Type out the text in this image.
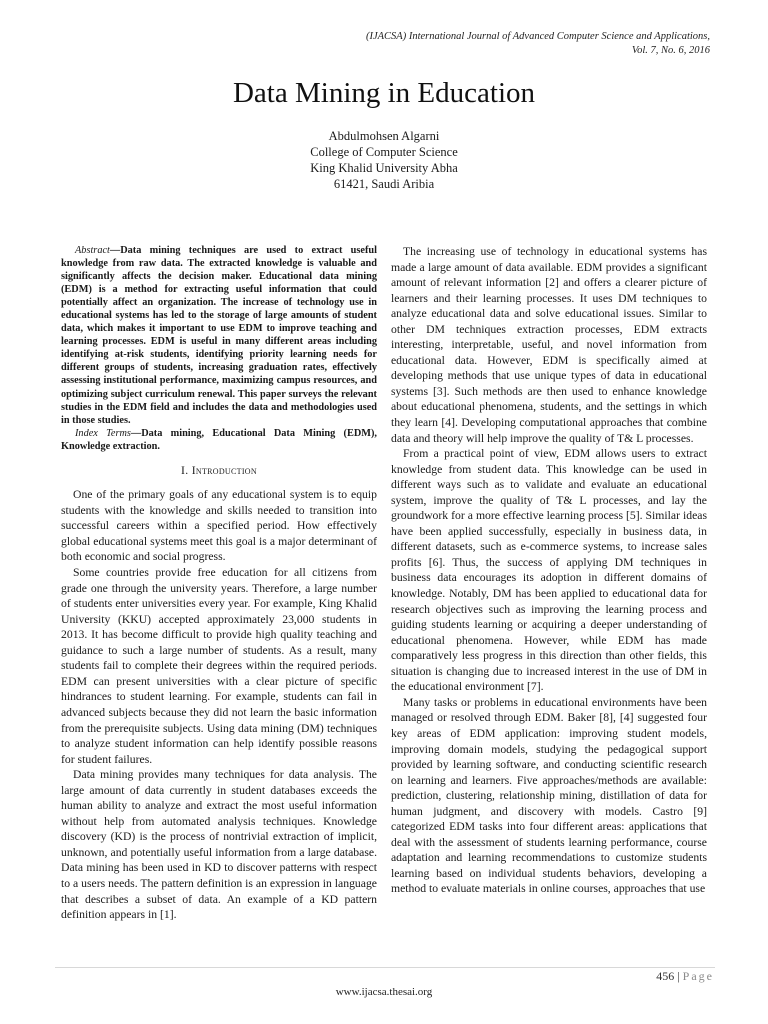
(IJACSA) International Journal of Advanced Computer Science and Applications,
Vol. 7, No. 6, 2016
Data Mining in Education
Abdulmohsen Algarni
College of Computer Science
King Khalid University Abha
61421, Saudi Aribia

Abstract—Data mining techniques are used to extract useful knowledge from raw data. The extracted knowledge is valuable and significantly affects the decision maker. Educational data mining (EDM) is a method for extracting useful information that could potentially affect an organization. The increase of technology use in educational systems has led to the storage of large amounts of student data, which makes it important to use EDM to improve teaching and learning processes. EDM is useful in many different areas including identifying at-risk students, identifying priority learning needs for different groups of students, increasing graduation rates, effectively assessing institutional performance, maximizing campus resources, and optimizing subject curriculum renewal. This paper surveys the relevant studies in the EDM field and includes the data and methodologies used in those studies.

Index Terms—Data mining, Educational Data Mining (EDM), Knowledge extraction.

I. Introduction

One of the primary goals of any educational system is to equip students with the knowledge and skills needed to transition into successful careers within a specified period. How effectively global educational systems meet this goal is a major determinant of both economic and social progress.

Some countries provide free education for all citizens from grade one through the university years. Therefore, a large number of students enter universities every year. For example, King Khalid University (KKU) accepted approximately 23,000 students in 2013. It has become difficult to provide high quality teaching and guidance to such a large number of students. As a result, many students fail to complete their degrees within the required periods. EDM can present universities with a clear picture of specific hindrances to student learning. For example, students can fail in advanced subjects because they did not learn the basic information from the prerequisite subjects. Using data mining (DM) techniques to analyze student information can help identify possible reasons for student failures.

Data mining provides many techniques for data analysis. The large amount of data currently in student databases exceeds the human ability to analyze and extract the most useful information without help from automated analysis techniques. Knowledge discovery (KD) is the process of nontrivial extraction of implicit, unknown, and potentially useful information from a large database. Data mining has been used in KD to discover patterns with respect to a users needs. The pattern definition is an expression in language that describes a subset of data. An example of a KD pattern definition appears in [1].

The increasing use of technology in educational systems has made a large amount of data available. EDM provides a significant amount of relevant information [2] and offers a clearer picture of learners and their learning processes. It uses DM techniques to analyze educational data and solve educational issues. Similar to other DM techniques extraction processes, EDM extracts interesting, interpretable, useful, and novel information from educational data. However, EDM is specifically aimed at developing methods that use unique types of data in educational systems [3]. Such methods are then used to enhance knowledge about educational phenomena, students, and the settings in which they learn [4]. Developing computational approaches that combine data and theory will help improve the quality of T& L processes.

From a practical point of view, EDM allows users to extract knowledge from student data. This knowledge can be used in different ways such as to validate and evaluate an educational system, improve the quality of T& L processes, and lay the groundwork for a more effective learning process [5]. Similar ideas have been applied successfully, especially in business data, in different datasets, such as e-commerce systems, to increase sales profits [6]. Thus, the success of applying DM techniques in business data encourages its adoption in different domains of knowledge. Notably, DM has been applied to educational data for research objectives such as improving the learning process and guiding students learning or acquiring a deeper understanding of educational phenomena. However, while EDM has made comparatively less progress in this direction than other fields, this situation is changing due to increased interest in the use of DM in the educational environment [7].

Many tasks or problems in educational environments have been managed or resolved through EDM. Baker [8], [4] suggested four key areas of EDM application: improving student models, improving domain models, studying the pedagogical support provided by learning software, and conducting scientific research on learning and learners. Five approaches/methods are available: prediction, clustering, relationship mining, distillation of data for human judgment, and discovery with models. Castro [9] categorized EDM tasks into four different areas: applications that deal with the assessment of students learning performance, course adaptation and learning recommendations to customize students learning based on individual students behaviors, developing a method to evaluate materials in online courses, approaches that use

456 | Page
www.ijacsa.thesai.org
